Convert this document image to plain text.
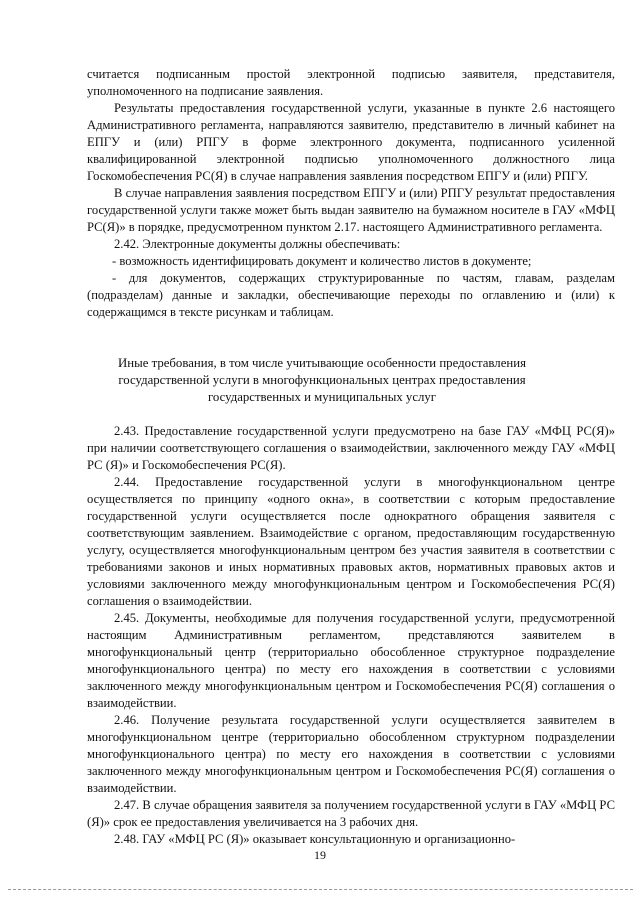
считается подписанным простой электронной подписью заявителя, представителя, уполномоченного на подписание заявления.

Результаты предоставления государственной услуги, указанные в пункте 2.6 настоящего Административного регламента, направляются заявителю, представителю в личный кабинет на ЕПГУ и (или) РПГУ в форме электронного документа, подписанного усиленной квалифицированной электронной подписью уполномоченного должностного лица Госкомобеспечения РС(Я) в случае направления заявления посредством ЕПГУ и (или) РПГУ.

В случае направления заявления посредством ЕПГУ и (или) РПГУ результат предоставления государственной услуги также может быть выдан заявителю на бумажном носителе в ГАУ «МФЦ РС(Я)» в порядке, предусмотренном пунктом 2.17. настоящего Административного регламента.

2.42. Электронные документы должны обеспечивать:

- возможность идентифицировать документ и количество листов в документе;

- для документов, содержащих структурированные по частям, главам, разделам (подразделам) данные и закладки, обеспечивающие переходы по оглавлению и (или) к содержащимся в тексте рисункам и таблицам.

Иные требования, в том числе учитывающие особенности предоставления государственной услуги в многофункциональных центрах предоставления государственных и муниципальных услуг

2.43. Предоставление государственной услуги предусмотрено на базе ГАУ «МФЦ РС(Я)» при наличии соответствующего соглашения о взаимодействии, заключенного между ГАУ «МФЦ РС (Я)» и Госкомобеспечения РС(Я).

2.44. Предоставление государственной услуги в многофункциональном центре осуществляется по принципу «одного окна», в соответствии с которым предоставление государственной услуги осуществляется после однократного обращения заявителя с соответствующим заявлением. Взаимодействие с органом, предоставляющим государственную услугу, осуществляется многофункциональным центром без участия заявителя в соответствии с требованиями законов и иных нормативных правовых актов, нормативных правовых актов и условиями заключенного между многофункциональным центром и Госкомобеспечения РС(Я) соглашения о взаимодействии.

2.45. Документы, необходимые для получения государственной услуги, предусмотренной настоящим Административным регламентом, представляются заявителем в многофункциональный центр (территориально обособленное структурное подразделение многофункционального центра) по месту его нахождения в соответствии с условиями заключенного между многофункциональным центром и Госкомобеспечения РС(Я) соглашения о взаимодействии.

2.46. Получение результата государственной услуги осуществляется заявителем в многофункциональном центре (территориально обособленном структурном подразделении многофункционального центра) по месту его нахождения в соответствии с условиями заключенного между многофункциональным центром и Госкомобеспечения РС(Я) соглашения о взаимодействии.

2.47. В случае обращения заявителя за получением государственной услуги в ГАУ «МФЦ РС (Я)» срок ее предоставления увеличивается на 3 рабочих дня.

2.48. ГАУ «МФЦ РС (Я)» оказывает консультационную и организационно-

19
